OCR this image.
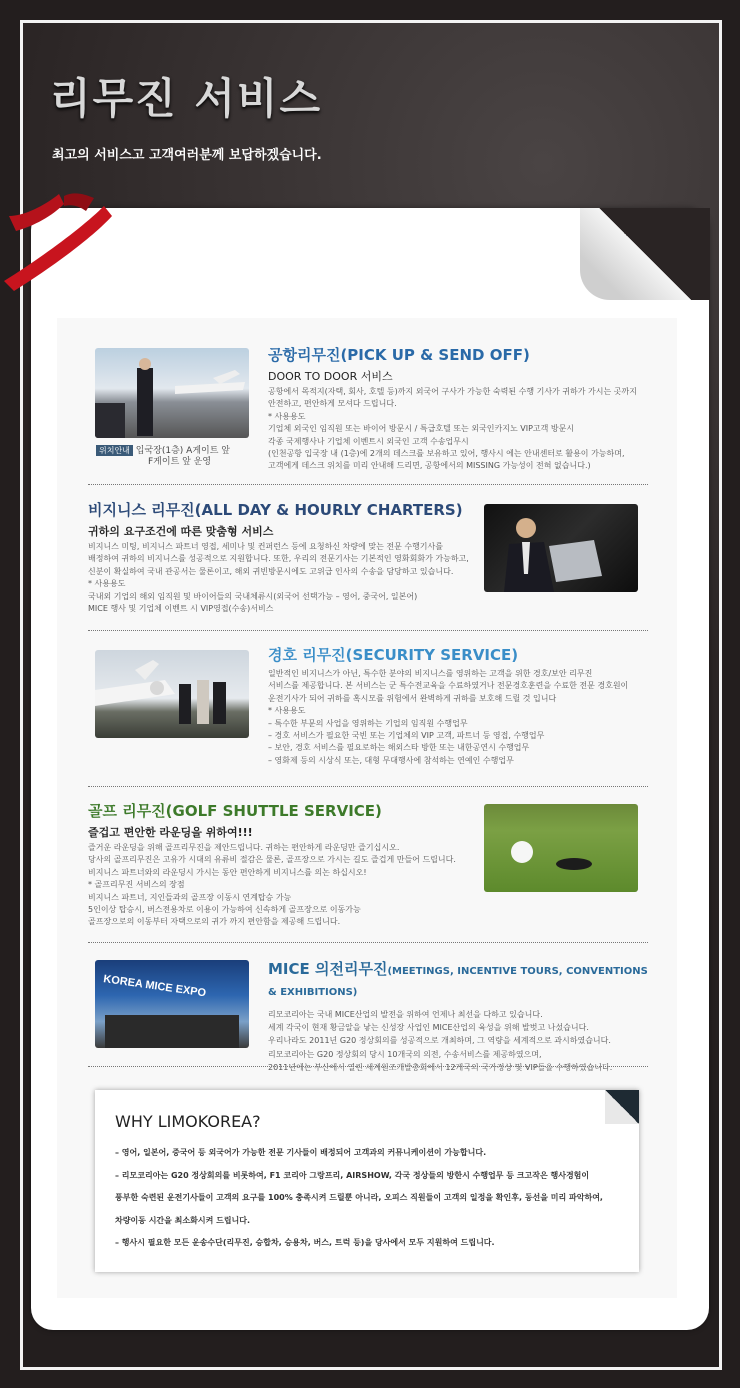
리무진 서비스
최고의 서비스고 고객여러분께 보답하겠습니다.
위치안내 입국장(1층) A게이트 앞
F게이트 앞 운영
공항리무진(PICK UP & SEND OFF)
DOOR TO DOOR 서비스
공항에서 목적지(자택, 회사, 호텔 등)까지 외국어 구사가 가능한 숙력된 수행 기사가 귀하가 가시는 곳까지
안전하고, 편안하게 모셔다 드립니다.
* 사용용도
기업체 외국인 임직원 또는 바이어 방문시 / 특급호텔 또는 외국인카지노 VIP고객 방문시
각종 국제행사나 기업체 이벤트시 외국인 고객 수송업무시
(인천공항 입국장 내 (1층)에 2개의 데스크를 보유하고 있어, 행사시 에는 안내센터로 활용이 가능하며,
고객에게 데스크 위치를 미리 안내해 드리면, 공항에서의 MISSING 가능성이 전혀 없습니다.)
비지니스 리무진(ALL DAY & HOURLY CHARTERS)
귀하의 요구조건에 따른 맞춤형 서비스
비지니스 미팅, 비지니스 파트너 영접, 세미나 및 컨퍼런스 등에 요청하신 차량에 맞는 전문 수행기사를
배정하여 귀하의 비지니스를 성공적으로 지원합니다. 또한, 우리의 전문기사는 기본적인 영화회화가 가능하고,
신분이 확실하여 국내 관공서는 물론이고, 해외 귀빈방문시에도 고위급 인사의 수송을 담당하고 있습니다.
* 사용용도
국내외 기업의 해외 임직원 및 바이어들의 국내체류시(외국어 선택가능 – 영어, 중국어, 일본어)
MICE 행사 및 기업체 이벤트 시 VIP영접(수송)서비스
경호 리무진(SECURITY SERVICE)
일반적인 비지니스가 아닌, 특수한 분야의 비지니스를 영위하는 고객을 위한 경호/보안 리무진
서비스를 제공합니다. 본 서비스는 군 특수전교육을 수료하였거나 전문경호훈련을 수료한 전문 경호원이
운전기사가 되어 귀하를 혹시모를 위험에서 완벽하게 귀하를 보호해 드릴 것 입니다
* 사용용도
– 특수한 부문의 사업을 영위하는 기업의 임직원 수행업무
– 경호 서비스가 필요한 국빈 또는 기업체의 VIP 고객, 파트너 등 영접, 수행업무
– 보안, 경호 서비스를 필요로하는 해외스타 방한 또는 내한공연시 수행업무
– 영화제 등의 시상식 또는, 대형 무대행사에 참석하는 연예인 수행업무
골프 리무진(GOLF SHUTTLE SERVICE)
즐겁고 편안한 라운딩을 위하여!!!
즐거운 라운딩을 위해 골프리무진을 제안드립니다. 귀하는 편안하게 라운딩만 즐기십시오.
당사의 골프리무진은 고유가 시대의 유류비 절감은 물론, 골프장으로 가시는 길도 즐겁게 만들어 드립니다.
비지니스 파트너와의 라운딩시 가시는 동안 편안하게 비지니스를 의논 하십시오!
* 골프리무진 서비스의 장점
비지니스 파트너, 지인들과의 골프장 이동시 연계탑승 가능
5인이상 탑승시, 버스전용차로 이용이 가능하여 신속하게 골프장으로 이동가능
골프장으로의 이동부터 자택으로의 귀가 까지 편안함을 제공해 드립니다.
KOREA MICE EXPO
MICE 의전리무진(MEETINGS, INCENTIVE TOURS, CONVENTIONS & EXHIBITIONS)
리모코리아는 국내 MICE산업의 발전을 위하여 언제나 최선을 다하고 있습니다.
세계 각국이 현재 황금알을 낳는 신성장 사업인 MICE산업의 육성을 위해 발벗고 나섰습니다.
우리나라도 2011년 G20 정상회의를 성공적으로 개최하며, 그 역량을 세계적으로 과시하였습니다.
리모코리아는 G20 정상회의 당시 10개국의 의전, 수송서비스를 제공하였으며,
2011년에는 부산에서 열린 세계원조개발총회에서 12개국의 국가정상 및 VIP들을 수행하였습니다.
WHY LIMOKOREA?
– 영어, 일본어, 중국어 등 외국어가 가능한 전문 기사들이 배정되어 고객과의 커뮤니케이션이 가능합니다.
– 리모코리아는 G20 정상회의를 비롯하여, F1 코리아 그랑프리, AIRSHOW, 각국 정상들의 방한시 수행업무 등 크고작은 행사경험이
풍부한 숙련된 운전기사들이 고객의 요구를 100% 충족시켜 드릴뿐 아니라, 오피스 직원들이 고객의 일정을 확인후, 동선을 미리 파악하여,
차량이동 시간을 최소화시켜 드립니다.
– 행사시 필요한 모든 운송수단(리무진, 승합차, 승용차, 버스, 트럭 등)을 당사에서 모두 지원하여 드립니다.
